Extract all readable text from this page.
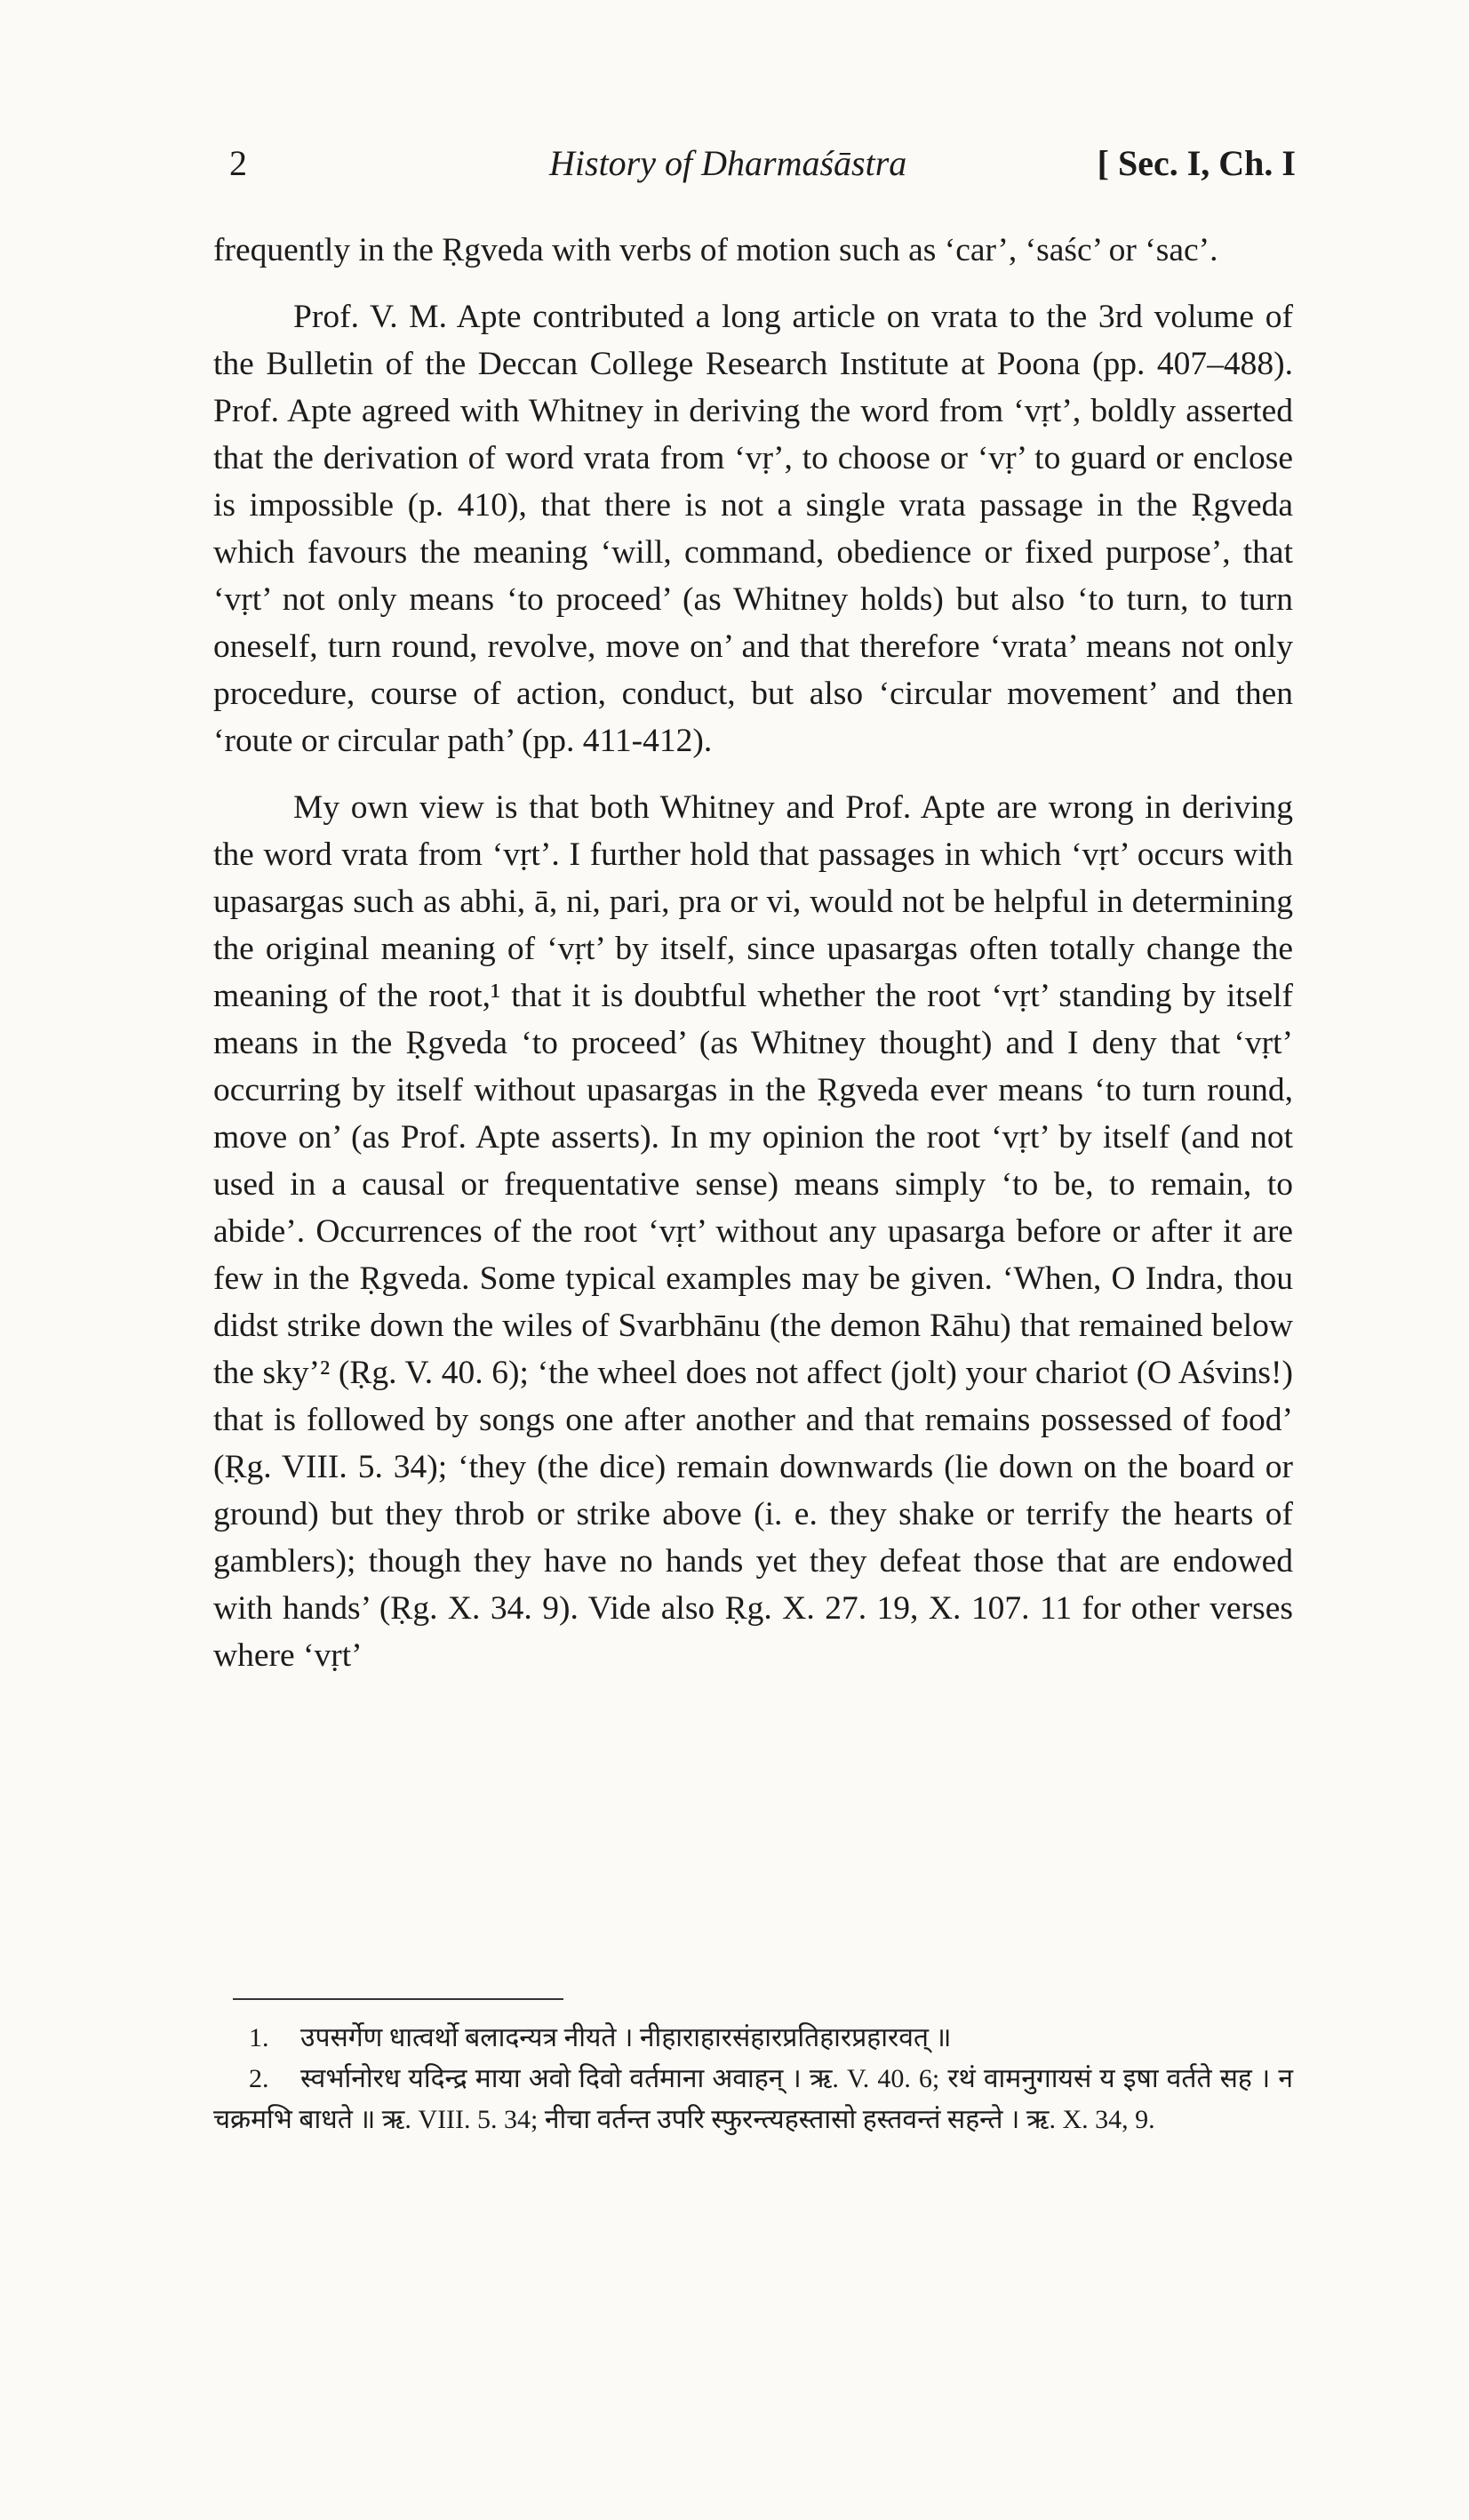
2	History of Dharmaśāstra	[ Sec. I, Ch. I

frequently in the Ṛgveda with verbs of motion such as ‘car’, ‘saśc’ or ‘sac’.

Prof. V. M. Apte contributed a long article on vrata to the 3rd volume of the Bulletin of the Deccan College Research Institute at Poona (pp. 407–488). Prof. Apte agreed with Whitney in deriving the word from ‘vṛt’, boldly asserted that the derivation of word vrata from ‘vṛ’, to choose or ‘vṛ’ to guard or enclose is impossible (p. 410), that there is not a single vrata passage in the Ṛgveda which favours the meaning ‘will, command, obedience or fixed purpose’, that ‘vṛt’ not only means ‘to proceed’ (as Whitney holds) but also ‘to turn, to turn oneself, turn round, revolve, move on’ and that therefore ‘vrata’ means not only procedure, course of action, conduct, but also ‘circular movement’ and then ‘route or circular path’ (pp. 411-412).

My own view is that both Whitney and Prof. Apte are wrong in deriving the word vrata from ‘vṛt’. I further hold that passages in which ‘vṛt’ occurs with upasargas such as abhi, ā, ni, pari, pra or vi, would not be helpful in determining the original meaning of ‘vṛt’ by itself, since upasargas often totally change the meaning of the root,¹ that it is doubtful whether the root ‘vṛt’ standing by itself means in the Ṛgveda ‘to proceed’ (as Whitney thought) and I deny that ‘vṛt’ occurring by itself without upasargas in the Ṛgveda ever means ‘to turn round, move on’ (as Prof. Apte asserts). In my opinion the root ‘vṛt’ by itself (and not used in a causal or frequentative sense) means simply ‘to be, to remain, to abide’. Occurrences of the root ‘vṛt’ without any upasarga before or after it are few in the Ṛgveda. Some typical examples may be given. ‘When, O Indra, thou didst strike down the wiles of Svarbhānu (the demon Rāhu) that remained below the sky’² (Ṛg. V. 40. 6); ‘the wheel does not affect (jolt) your chariot (O Aśvins!) that is followed by songs one after another and that remains possessed of food’ (Ṛg. VIII. 5. 34); ‘they (the dice) remain downwards (lie down on the board or ground) but they throb or strike above (i. e. they shake or terrify the hearts of gamblers); though they have no hands yet they defeat those that are endowed with hands’ (Ṛg. X. 34. 9). Vide also Ṛg. X. 27. 19, X. 107. 11 for other verses where ‘vṛt’

1. उपसर्गेण धात्वर्थो बलादन्यत्र नीयते । नीहाराहारसंहारप्रतिहारप्रहारवत् ॥

2. स्वर्भानोरध यदिन्द्र माया अवो दिवो वर्तमाना अवाहन् । ऋ. V. 40. 6; रथं वामनुगायसं य इषा वर्तते सह । न चक्रमभि बाधते ॥ ऋ. VIII. 5. 34; नीचा वर्तन्त उपरि स्फुरन्त्यहस्तासो हस्तवन्तं सहन्ते । ऋ. X. 34, 9.
